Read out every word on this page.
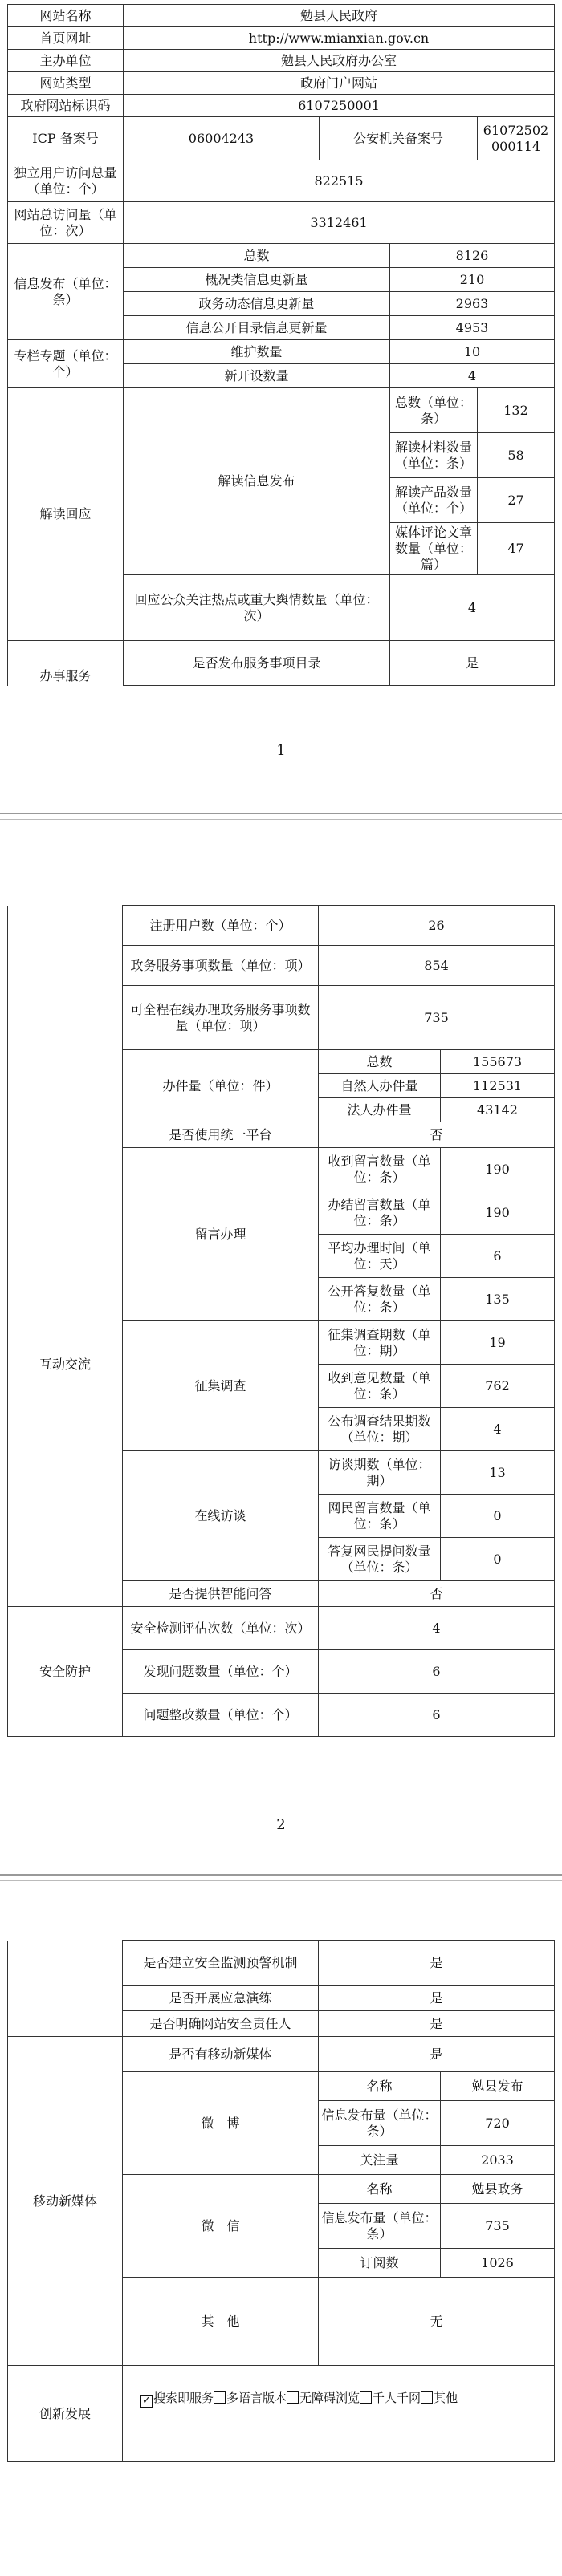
网站名称	勉县人民政府			
首页网址	http://www.mianxian.gov.cn			
主办单位	勉县人民政府办公室			
网站类型	政府门户网站			
政府网站标识码	6107250001			
ICP 备案号	06004243	公安机关备案号		61072502000114
独立用户访问总量（单位：个）	822515			
网站总访问量（单位：次）	3312461			
信息发布（单位：条）	总数		8126	
	概况类信息更新量		210	
	政务动态信息更新量		2963	
	信息公开目录信息更新量		4953	
专栏专题（单位：个）	维护数量		10	
	新开设数量		4	
解读回应	解读信息发布		总数（单位：条）	132
			解读材料数量（单位：条）	58
			解读产品数量（单位：个）	27
			媒体评论文章数量（单位：篇）	47
	回应公众关注热点或重大舆情数量（单位：次）		4	
办事服务	是否发布服务事项目录		是	
1
	注册用户数（单位：个）	26	
	政务服务事项数量（单位：项）	854	
	可全程在线办理政务服务事项数量（单位：项）	735	
	办件量（单位：件）	总数	155673
		自然人办件量	112531
		法人办件量	43142
互动交流	是否使用统一平台	否	
	留言办理	收到留言数量（单位：条）	190
		办结留言数量（单位：条）	190
		平均办理时间（单位：天）	6
		公开答复数量（单位：条）	135
	征集调查	征集调查期数（单位：期）	19
		收到意见数量（单位：条）	762
		公布调查结果期数（单位：期）	4
	在线访谈	访谈期数（单位：期）	13
		网民留言数量（单位：条）	0
		答复网民提问数量（单位：条）	0
	是否提供智能问答	否	
安全防护	安全检测评估次数（单位：次）	4	
	发现问题数量（单位：个）	6	
	问题整改数量（单位：个）	6	
2
	是否建立安全监测预警机制	是	
	是否开展应急演练	是	
	是否明确网站安全责任人	是	
移动新媒体	是否有移动新媒体	是	
	微　博	名称	勉县发布
		信息发布量（单位：条）	720
		关注量	2033
	微　信	名称	勉县政务
		信息发布量（单位：条）	735
		订阅数	1026
	其　他	无	
创新发展	✓ 搜索即服务 多语言版本 无障碍浏览 千人千网 其他		
